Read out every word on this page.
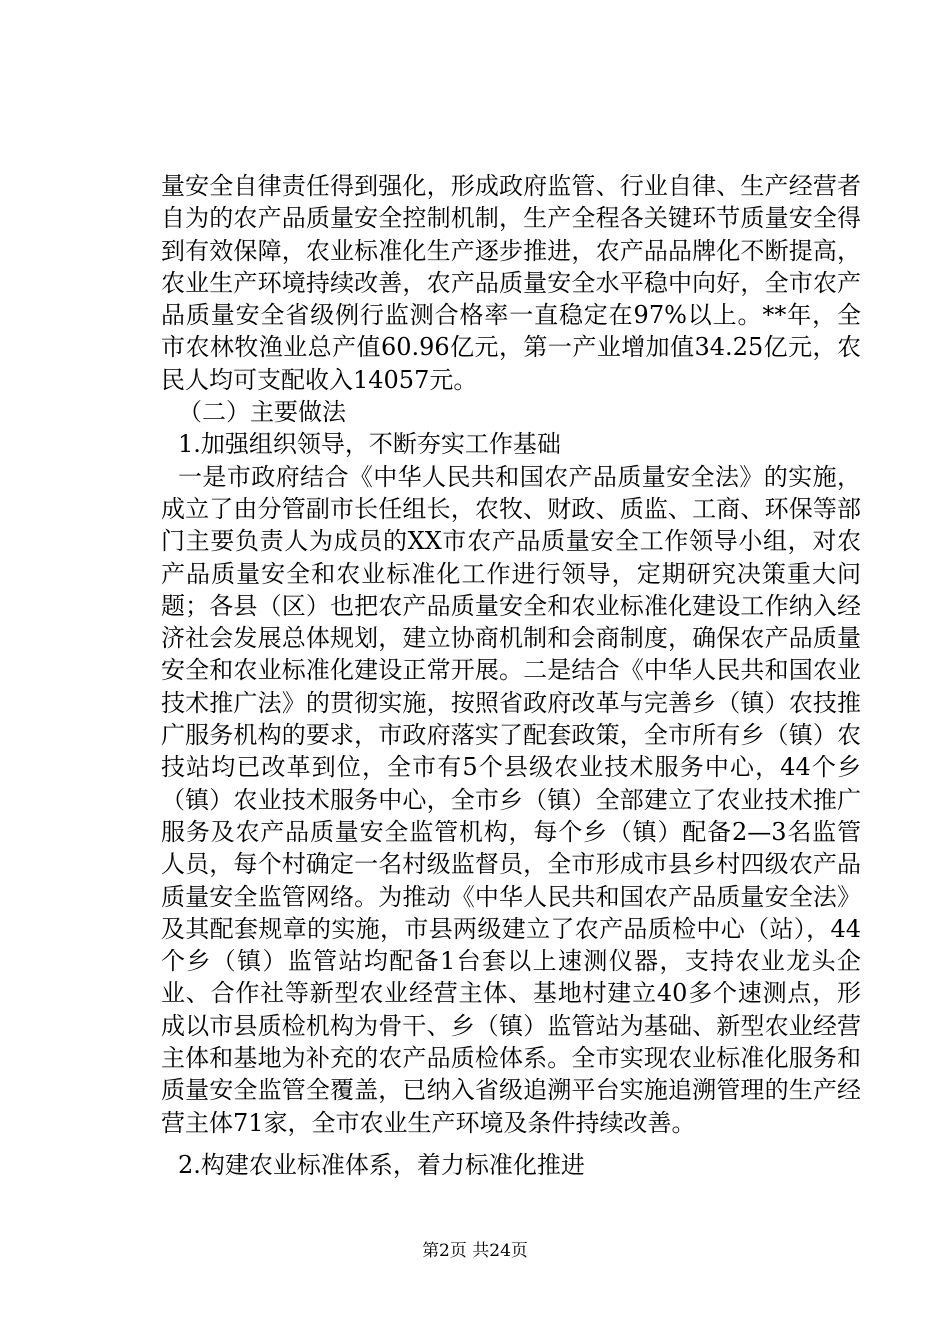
量安全自律责任得到强化，形成政府监管、行业自律、生产经营者自为的农产品质量安全控制机制，生产全程各关键环节质量安全得到有效保障，农业标准化生产逐步推进，农产品品牌化不断提高，农业生产环境持续改善，农产品质量安全水平稳中向好，全市农产品质量安全省级例行监测合格率一直稳定在97%以上。**年，全市农林牧渔业总产值60.96亿元，第一产业增加值34.25亿元，农民人均可支配收入14057元。

（二）主要做法

1.加强组织领导，不断夯实工作基础

一是市政府结合《中华人民共和国农产品质量安全法》的实施，成立了由分管副市长任组长，农牧、财政、质监、工商、环保等部门主要负责人为成员的XX市农产品质量安全工作领导小组，对农产品质量安全和农业标准化工作进行领导，定期研究决策重大问题；各县（区）也把农产品质量安全和农业标准化建设工作纳入经济社会发展总体规划，建立协商机制和会商制度，确保农产品质量安全和农业标准化建设正常开展。二是结合《中华人民共和国农业技术推广法》的贯彻实施，按照省政府改革与完善乡（镇）农技推广服务机构的要求，市政府落实了配套政策，全市所有乡（镇）农技站均已改革到位，全市有5个县级农业技术服务中心，44个乡（镇）农业技术服务中心，全市乡（镇）全部建立了农业技术推广服务及农产品质量安全监管机构，每个乡（镇）配备2—3名监管人员，每个村确定一名村级监督员，全市形成市县乡村四级农产品质量安全监管网络。为推动《中华人民共和国农产品质量安全法》及其配套规章的实施，市县两级建立了农产品质检中心（站），44个乡（镇）监管站均配备1台套以上速测仪器，支持农业龙头企业、合作社等新型农业经营主体、基地村建立40多个速测点，形成以市县质检机构为骨干、乡（镇）监管站为基础、新型农业经营主体和基地为补充的农产品质检体系。全市实现农业标准化服务和质量安全监管全覆盖，已纳入省级追溯平台实施追溯管理的生产经营主体71家，全市农业生产环境及条件持续改善。

2.构建农业标准体系，着力标准化推进

第2页 共24页
